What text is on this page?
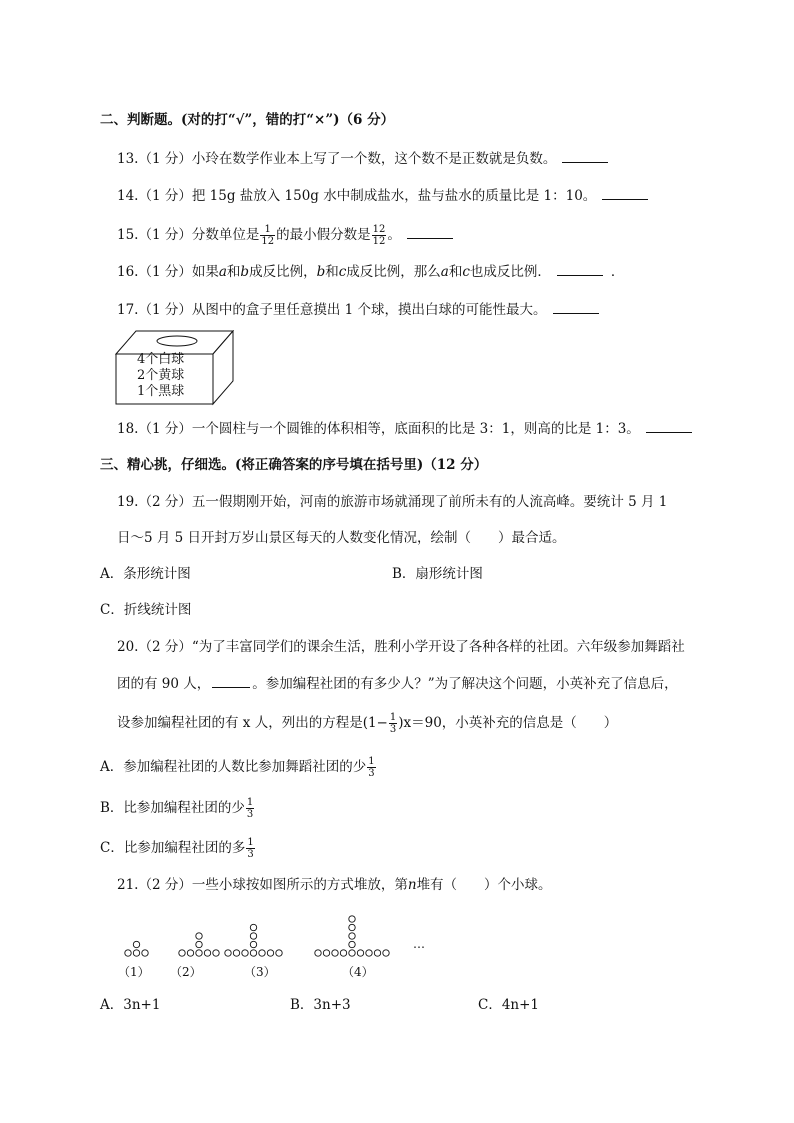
二、判断题。(对的打“√”，错的打“×”)（6 分）
13.（1 分）小玲在数学作业本上写了一个数，这个数不是正数就是负数。
14.（1 分）把 15g 盐放入 150g 水中制成盐水，盐与盐水的质量比是 1：10。
15.（1 分）分数单位是 $\frac{1}{12}$ 的最小假分数是 $\frac{12}{12}$ 。
16.（1 分）如果a和b成反比例，b和c成反比例，那么a和c也成反比例．	．
17.（1 分）从图中的盒子里任意摸出 1 个球，摸出白球的可能性最大。
4个白球
2个黄球
1个黑球
18.（1 分）一个圆柱与一个圆锥的体积相等，底面积的比是 3：1，则高的比是 1：3。
三、精心挑，仔细选。(将正确答案的序号填在括号里)（12 分）
19.（2 分）五一假期刚开始，河南的旅游市场就涌现了前所未有的人流高峰。要统计 5 月 1
日～5 月 5 日开封万岁山景区每天的人数变化情况，绘制（　　）最合适。
A．条形统计图	B．扇形统计图
C．折线统计图
20.（2 分）“为了丰富同学们的课余生活，胜利小学开设了各种各样的社团。六年级参加舞蹈社
团的有 90 人，	。参加编程社团的有多少人？”为了解决这个问题，小英补充了信息后，
设参加编程社团的有 x 人，列出的方程是$(1- \frac{1}{3} )x=90$，小英补充的信息是（　　）
A．参加编程社团的人数比参加舞蹈社团的少 $\frac{1}{3}$
B．比参加编程社团的少 $\frac{1}{3}$
C．比参加编程社团的多 $\frac{1}{3}$
21.（2 分）一些小球按如图所示的方式堆放，第n堆有（　　）个小球。
（1） （2）	（3）	（4）
…
A．3n+1	B．3n+3	C．4n+1
